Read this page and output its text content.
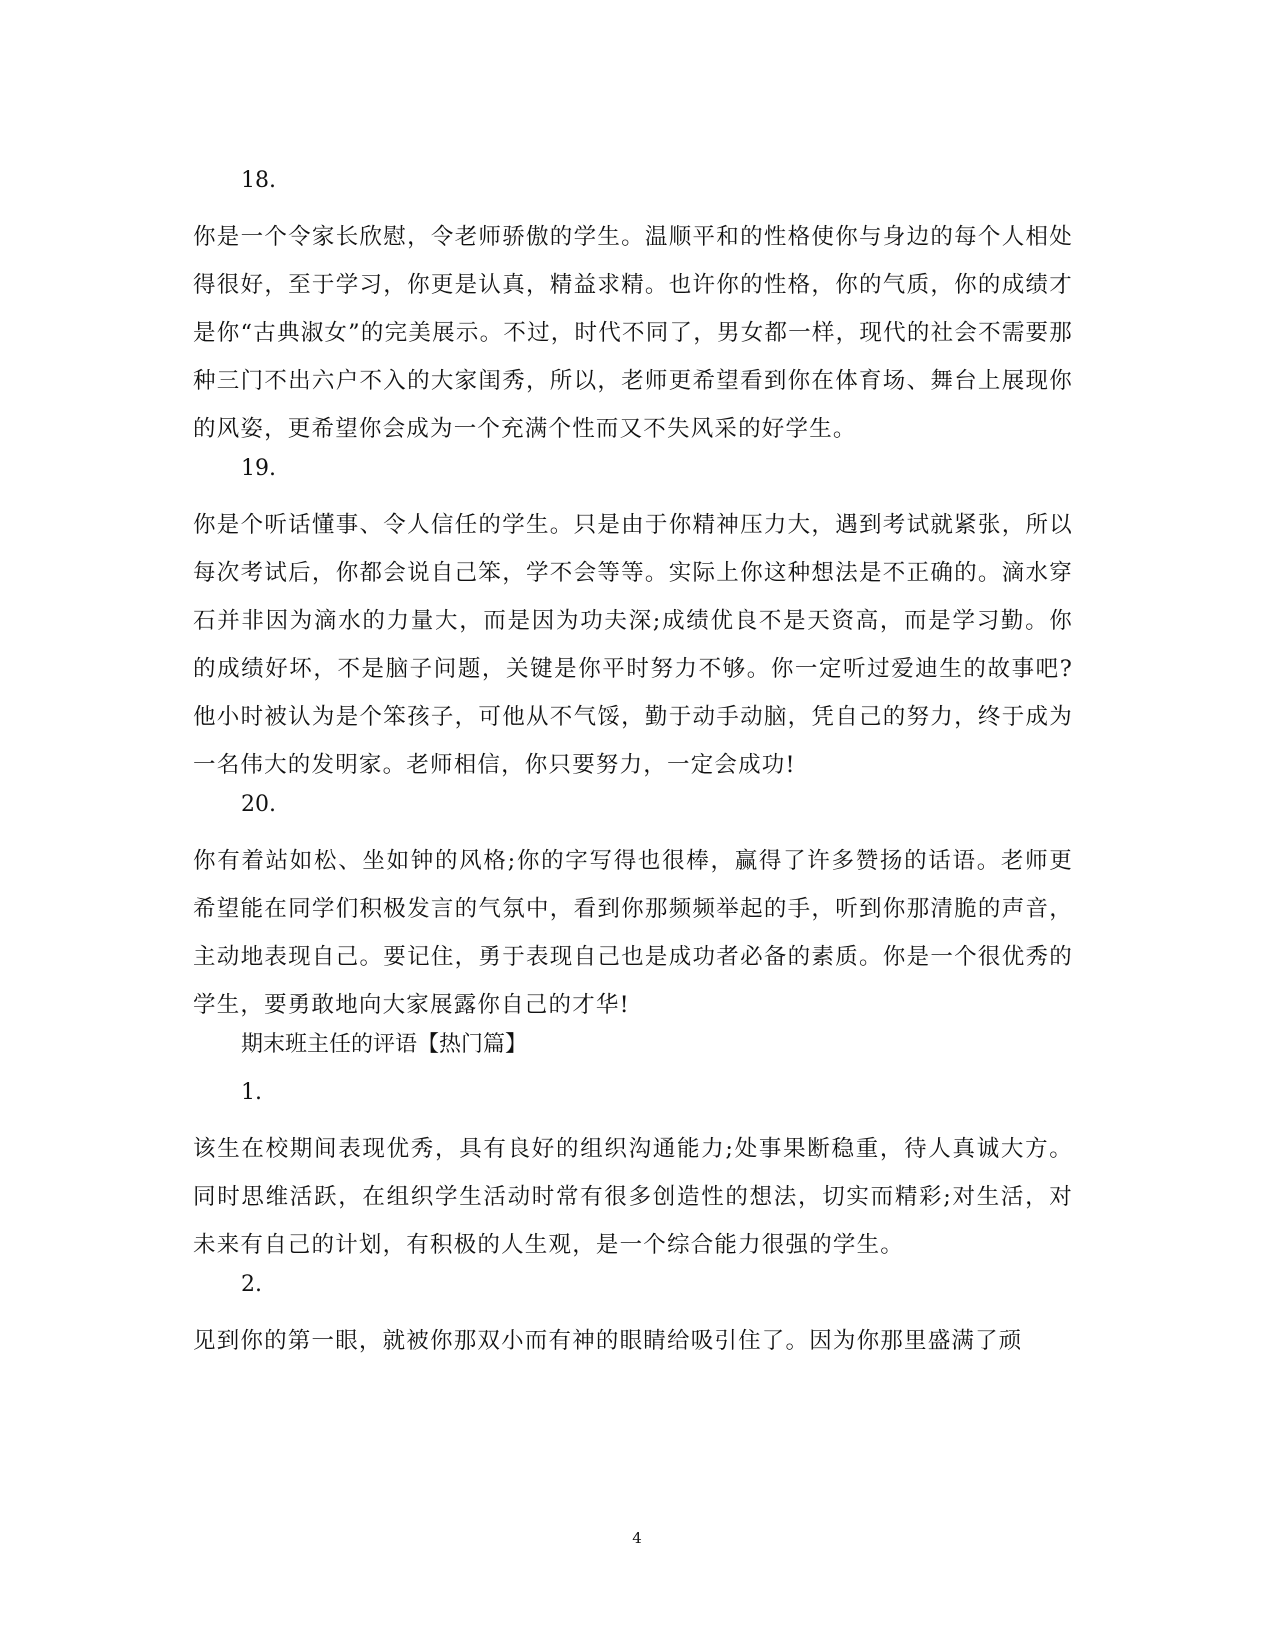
18.
你是一个令家长欣慰，令老师骄傲的学生。温顺平和的性格使你与身边的每个人相处得很好，至于学习，你更是认真，精益求精。也许你的性格，你的气质，你的成绩才是你“古典淑女”的完美展示。不过，时代不同了，男女都一样，现代的社会不需要那种三门不出六户不入的大家闺秀，所以，老师更希望看到你在体育场、舞台上展现你的风姿，更希望你会成为一个充满个性而又不失风采的好学生。
19.
你是个听话懂事、令人信任的学生。只是由于你精神压力大，遇到考试就紧张，所以每次考试后，你都会说自己笨，学不会等等。实际上你这种想法是不正确的。滴水穿石并非因为滴水的力量大，而是因为功夫深;成绩优良不是天资高，而是学习勤。你的成绩好坏，不是脑子问题，关键是你平时努力不够。你一定听过爱迪生的故事吧?他小时被认为是个笨孩子，可他从不气馁，勤于动手动脑，凭自己的努力，终于成为一名伟大的发明家。老师相信，你只要努力，一定会成功!
20.
你有着站如松、坐如钟的风格;你的字写得也很棒，赢得了许多赞扬的话语。老师更希望能在同学们积极发言的气氛中，看到你那频频举起的手，听到你那清脆的声音，主动地表现自己。要记住，勇于表现自己也是成功者必备的素质。你是一个很优秀的学生，要勇敢地向大家展露你自己的才华!
期末班主任的评语【热门篇】
1.
该生在校期间表现优秀，具有良好的组织沟通能力;处事果断稳重，待人真诚大方。同时思维活跃，在组织学生活动时常有很多创造性的想法，切实而精彩;对生活，对未来有自己的计划，有积极的人生观，是一个综合能力很强的学生。
2.
见到你的第一眼，就被你那双小而有神的眼睛给吸引住了。因为你那里盛满了顽
4
